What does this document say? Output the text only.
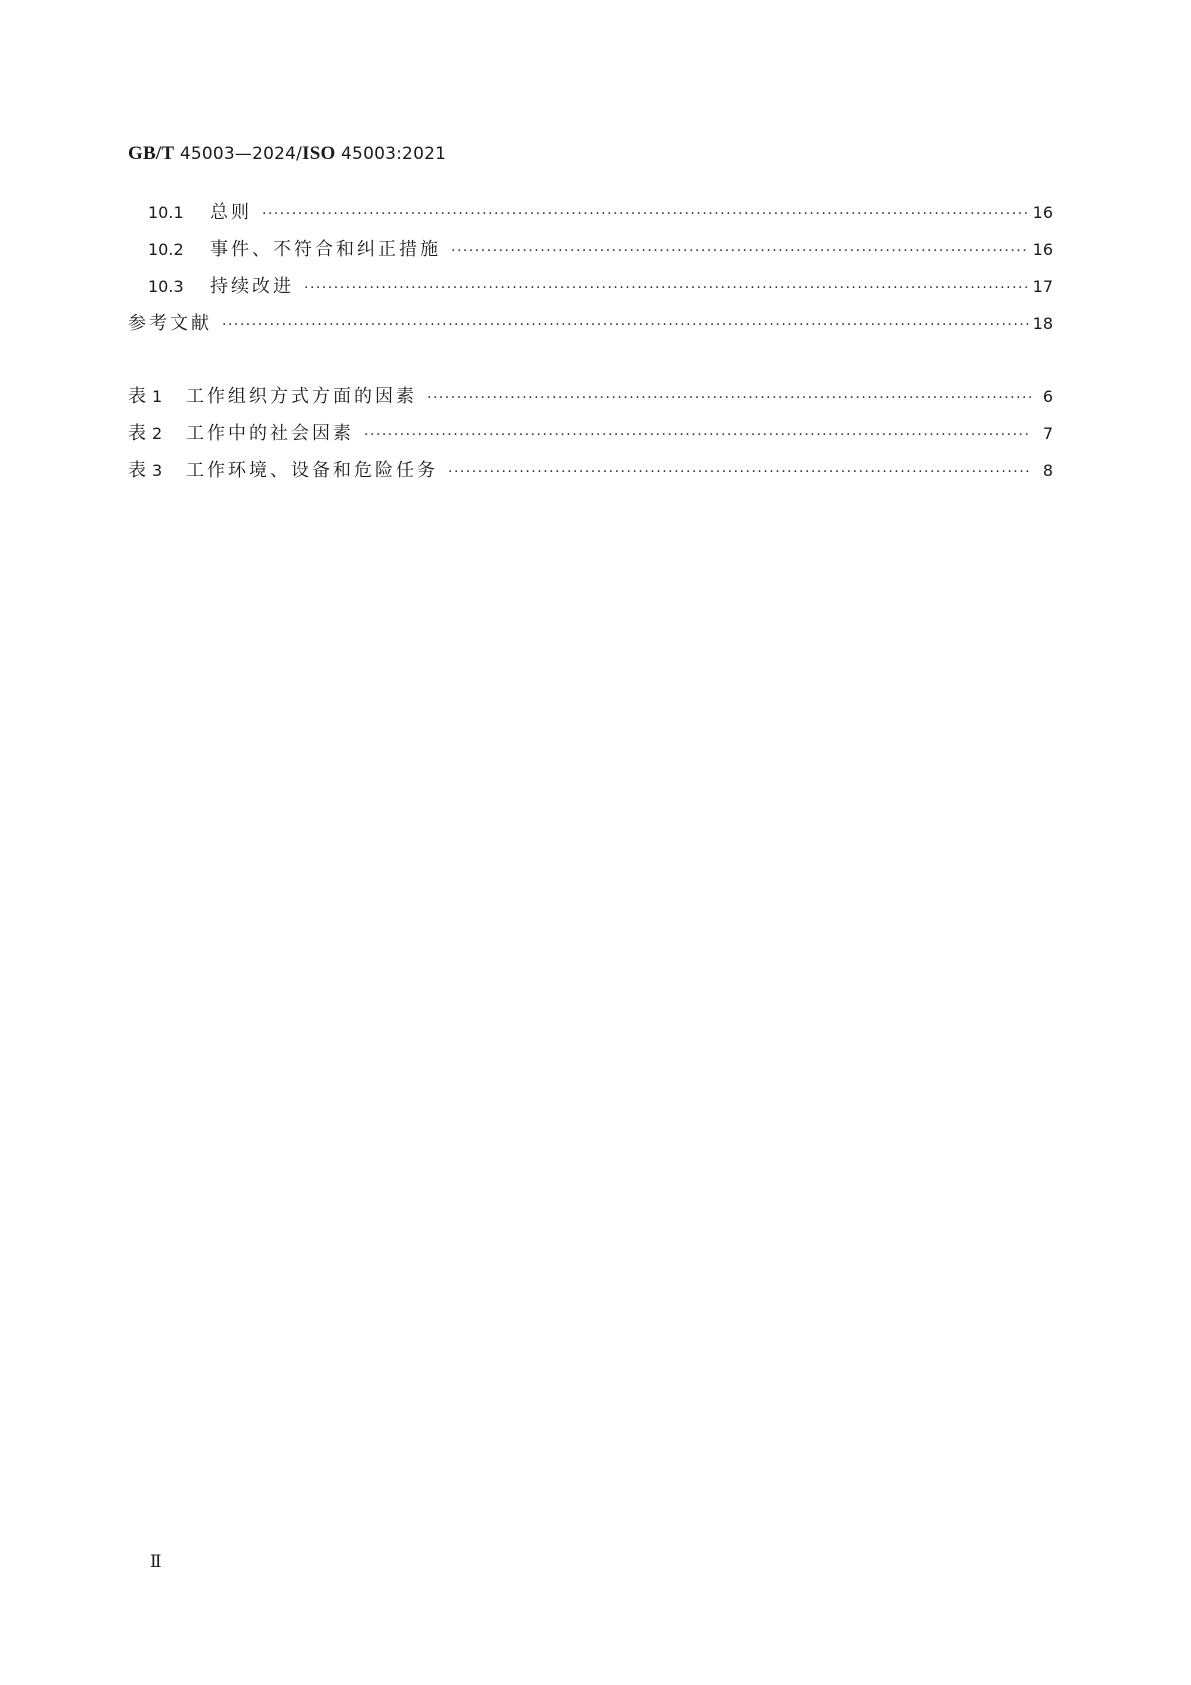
GB/T 45003—2024/ISO 45003:2021
10.1	总则 ·····	16
10.2	事件、不符合和纠正措施 ·····	16
10.3	持续改进 ·····	17
参考文献 ·····	18
表 1	工作组织方式方面的因素 ·····	6
表 2	工作中的社会因素 ·····	7
表 3	工作环境、设备和危险任务 ·····	8
Ⅱ
